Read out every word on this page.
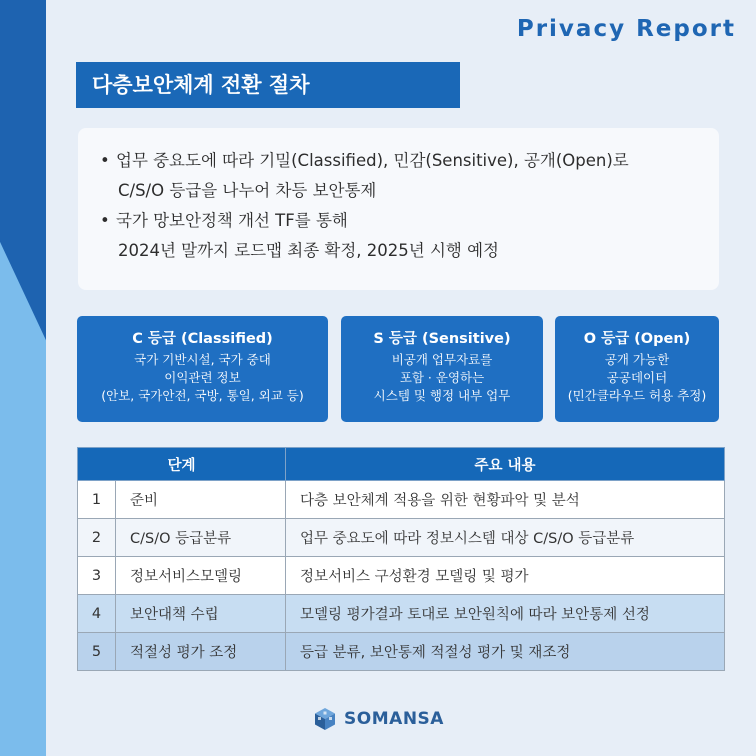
Privacy Report
다층보안체계 전환 절차
• 업무 중요도에 따라 기밀(Classified), 민감(Sensitive), 공개(Open)로
C/S/O 등급을 나누어 차등 보안통제
• 국가 망보안정책 개선 TF를 통해
2024년 말까지 로드맵 최종 확정, 2025년 시행 예정
C 등급 (Classified)
국가 기반시설, 국가 중대
이익관련 정보
(안보, 국가안전, 국방, 통일, 외교 등)
S 등급 (Sensitive)
비공개 업무자료를
포함 · 운영하는
시스템 및 행정 내부 업무
O 등급 (Open)
공개 가능한
공공데이터
(민간클라우드 허용 추정)
단계		주요 내용
1	준비	다층 보안체계 적용을 위한 현황파악 및 분석
2	C/S/O 등급분류	업무 중요도에 따라 정보시스템 대상 C/S/O 등급분류
3	정보서비스모델링	정보서비스 구성환경 모델링 및 평가
4	보안대책 수립	모델링 평가결과 토대로 보안원칙에 따라 보안통제 선정
5	적절성 평가 조정	등급 분류, 보안통제 적절성 평가 및 재조정
SOMANSA
